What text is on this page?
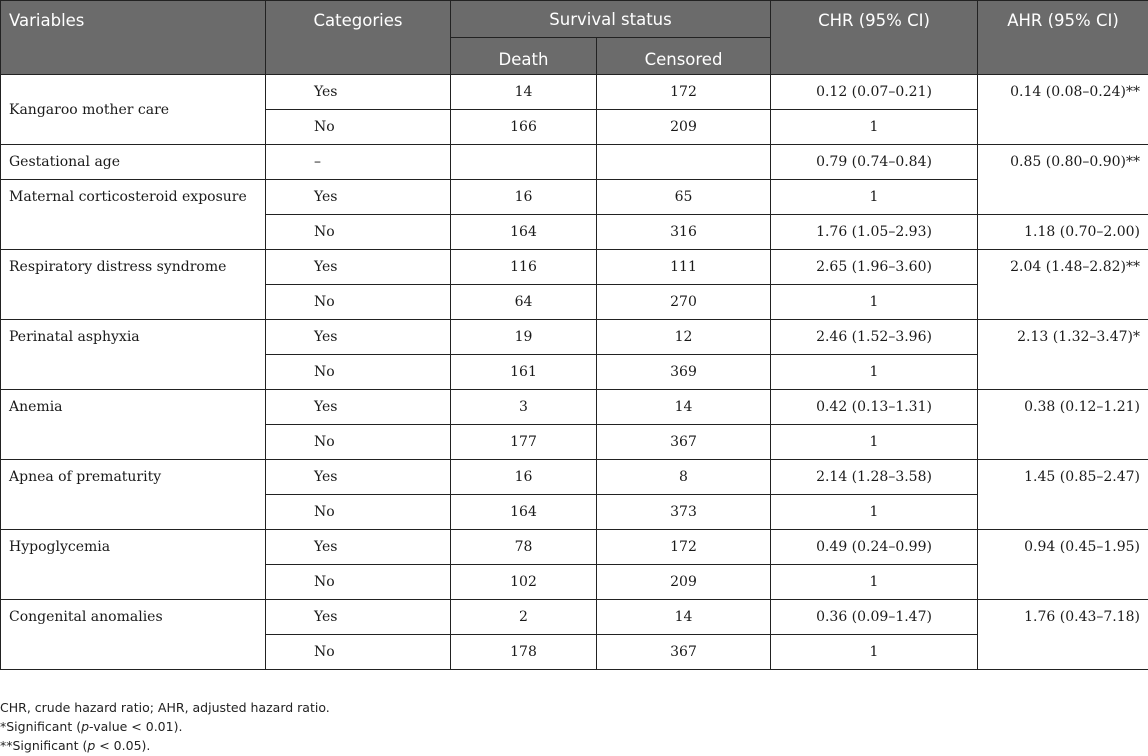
Variables	Categories	Survival status		CHR (95% CI)	AHR (95% CI)
		Death	Censored		
Kangaroo mother care	Yes	14	172	0.12 (0.07–0.21)	0.14 (0.08–0.24)**
	No	166	209	1	
Gestational age	–			0.79 (0.74–0.84)	0.85 (0.80–0.90)**
Maternal corticosteroid exposure	Yes	16	65	1	
	No	164	316	1.76 (1.05–2.93)	1.18 (0.70–2.00)
Respiratory distress syndrome	Yes	116	111	2.65 (1.96–3.60)	2.04 (1.48–2.82)**
	No	64	270	1	
Perinatal asphyxia	Yes	19	12	2.46 (1.52–3.96)	2.13 (1.32–3.47)*
	No	161	369	1	
Anemia	Yes	3	14	0.42 (0.13–1.31)	0.38 (0.12–1.21)
	No	177	367	1	
Apnea of prematurity	Yes	16	8	2.14 (1.28–3.58)	1.45 (0.85–2.47)
	No	164	373	1	
Hypoglycemia	Yes	78	172	0.49 (0.24–0.99)	0.94 (0.45–1.95)
	No	102	209	1	
Congenital anomalies	Yes	2	14	0.36 (0.09–1.47)	1.76 (0.43–7.18)
	No	178	367	1	
CHR, crude hazard ratio; AHR, adjusted hazard ratio.
*Significant (p-value < 0.01).
**Significant (p < 0.05).
